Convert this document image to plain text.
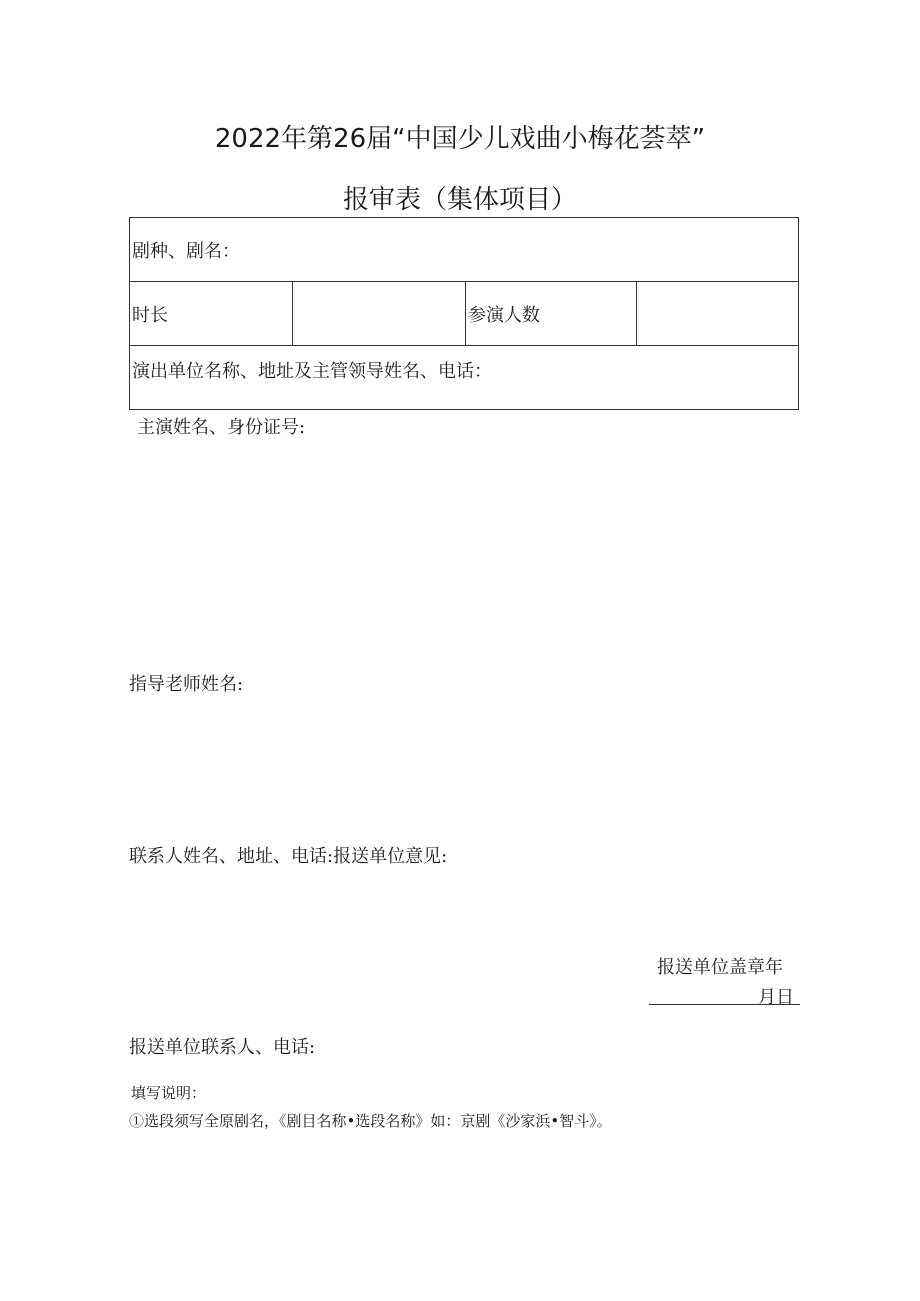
2022年第26届“中国少儿戏曲小梅花荟萃”
报审表（集体项目）
剧种、剧名：
时长		参演人数	
演出单位名称、地址及主管领导姓名、电话：

主演姓名、身份证号:

指导老师姓名:

联系人姓名、地址、电话:报送单位意见:

报送单位盖章年

月日

报送单位联系人、电话:

填写说明：

①选段须写全原剧名，《剧目名称•选段名称》如：京剧《沙家浜•智斗》。
